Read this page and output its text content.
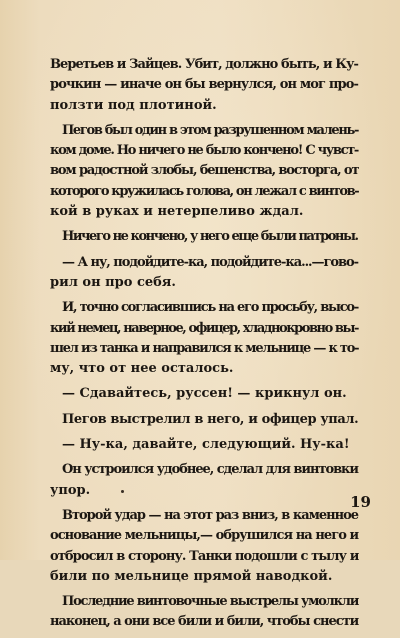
Веретьев и Зайцев. Убит, должно быть, и Ку-
рочкин — иначе он бы вернулся, он мог про-
ползти под плотиной.

Пегов был один в этом разрушенном малень-
ком доме. Но ничего не было кончено! С чувст-
вом радостной злобы, бешенства, восторга, от
которого кружилась голова, он лежал с винтов-
кой в руках и нетерпеливо ждал.

Ничего не кончено, у него еще были патроны.

— А ну, подойдите-ка, подойдите-ка...—гово-
рил он про себя.

И, точно согласившись на его просьбу, высо-
кий немец, наверное, офицер, хладнокровно вы-
шел из танка и направился к мельнице — к то-
му, что от нее осталось.

— Сдавайтесь, руссен! — крикнул он.

Пегов выстрелил в него, и офицер упал.

— Ну-ка, давайте, следующий. Ну-ка!

Он устроился удобнее, сделал для винтовки
упор.

Второй удар — на этот раз вниз, в каменное
основание мельницы,— обрушился на него и
отбросил в сторону. Танки подошли с тылу и
били по мельнице прямой наводкой.

Последние винтовочные выстрелы умолкли
наконец, а они все били и били, чтобы снести

19
